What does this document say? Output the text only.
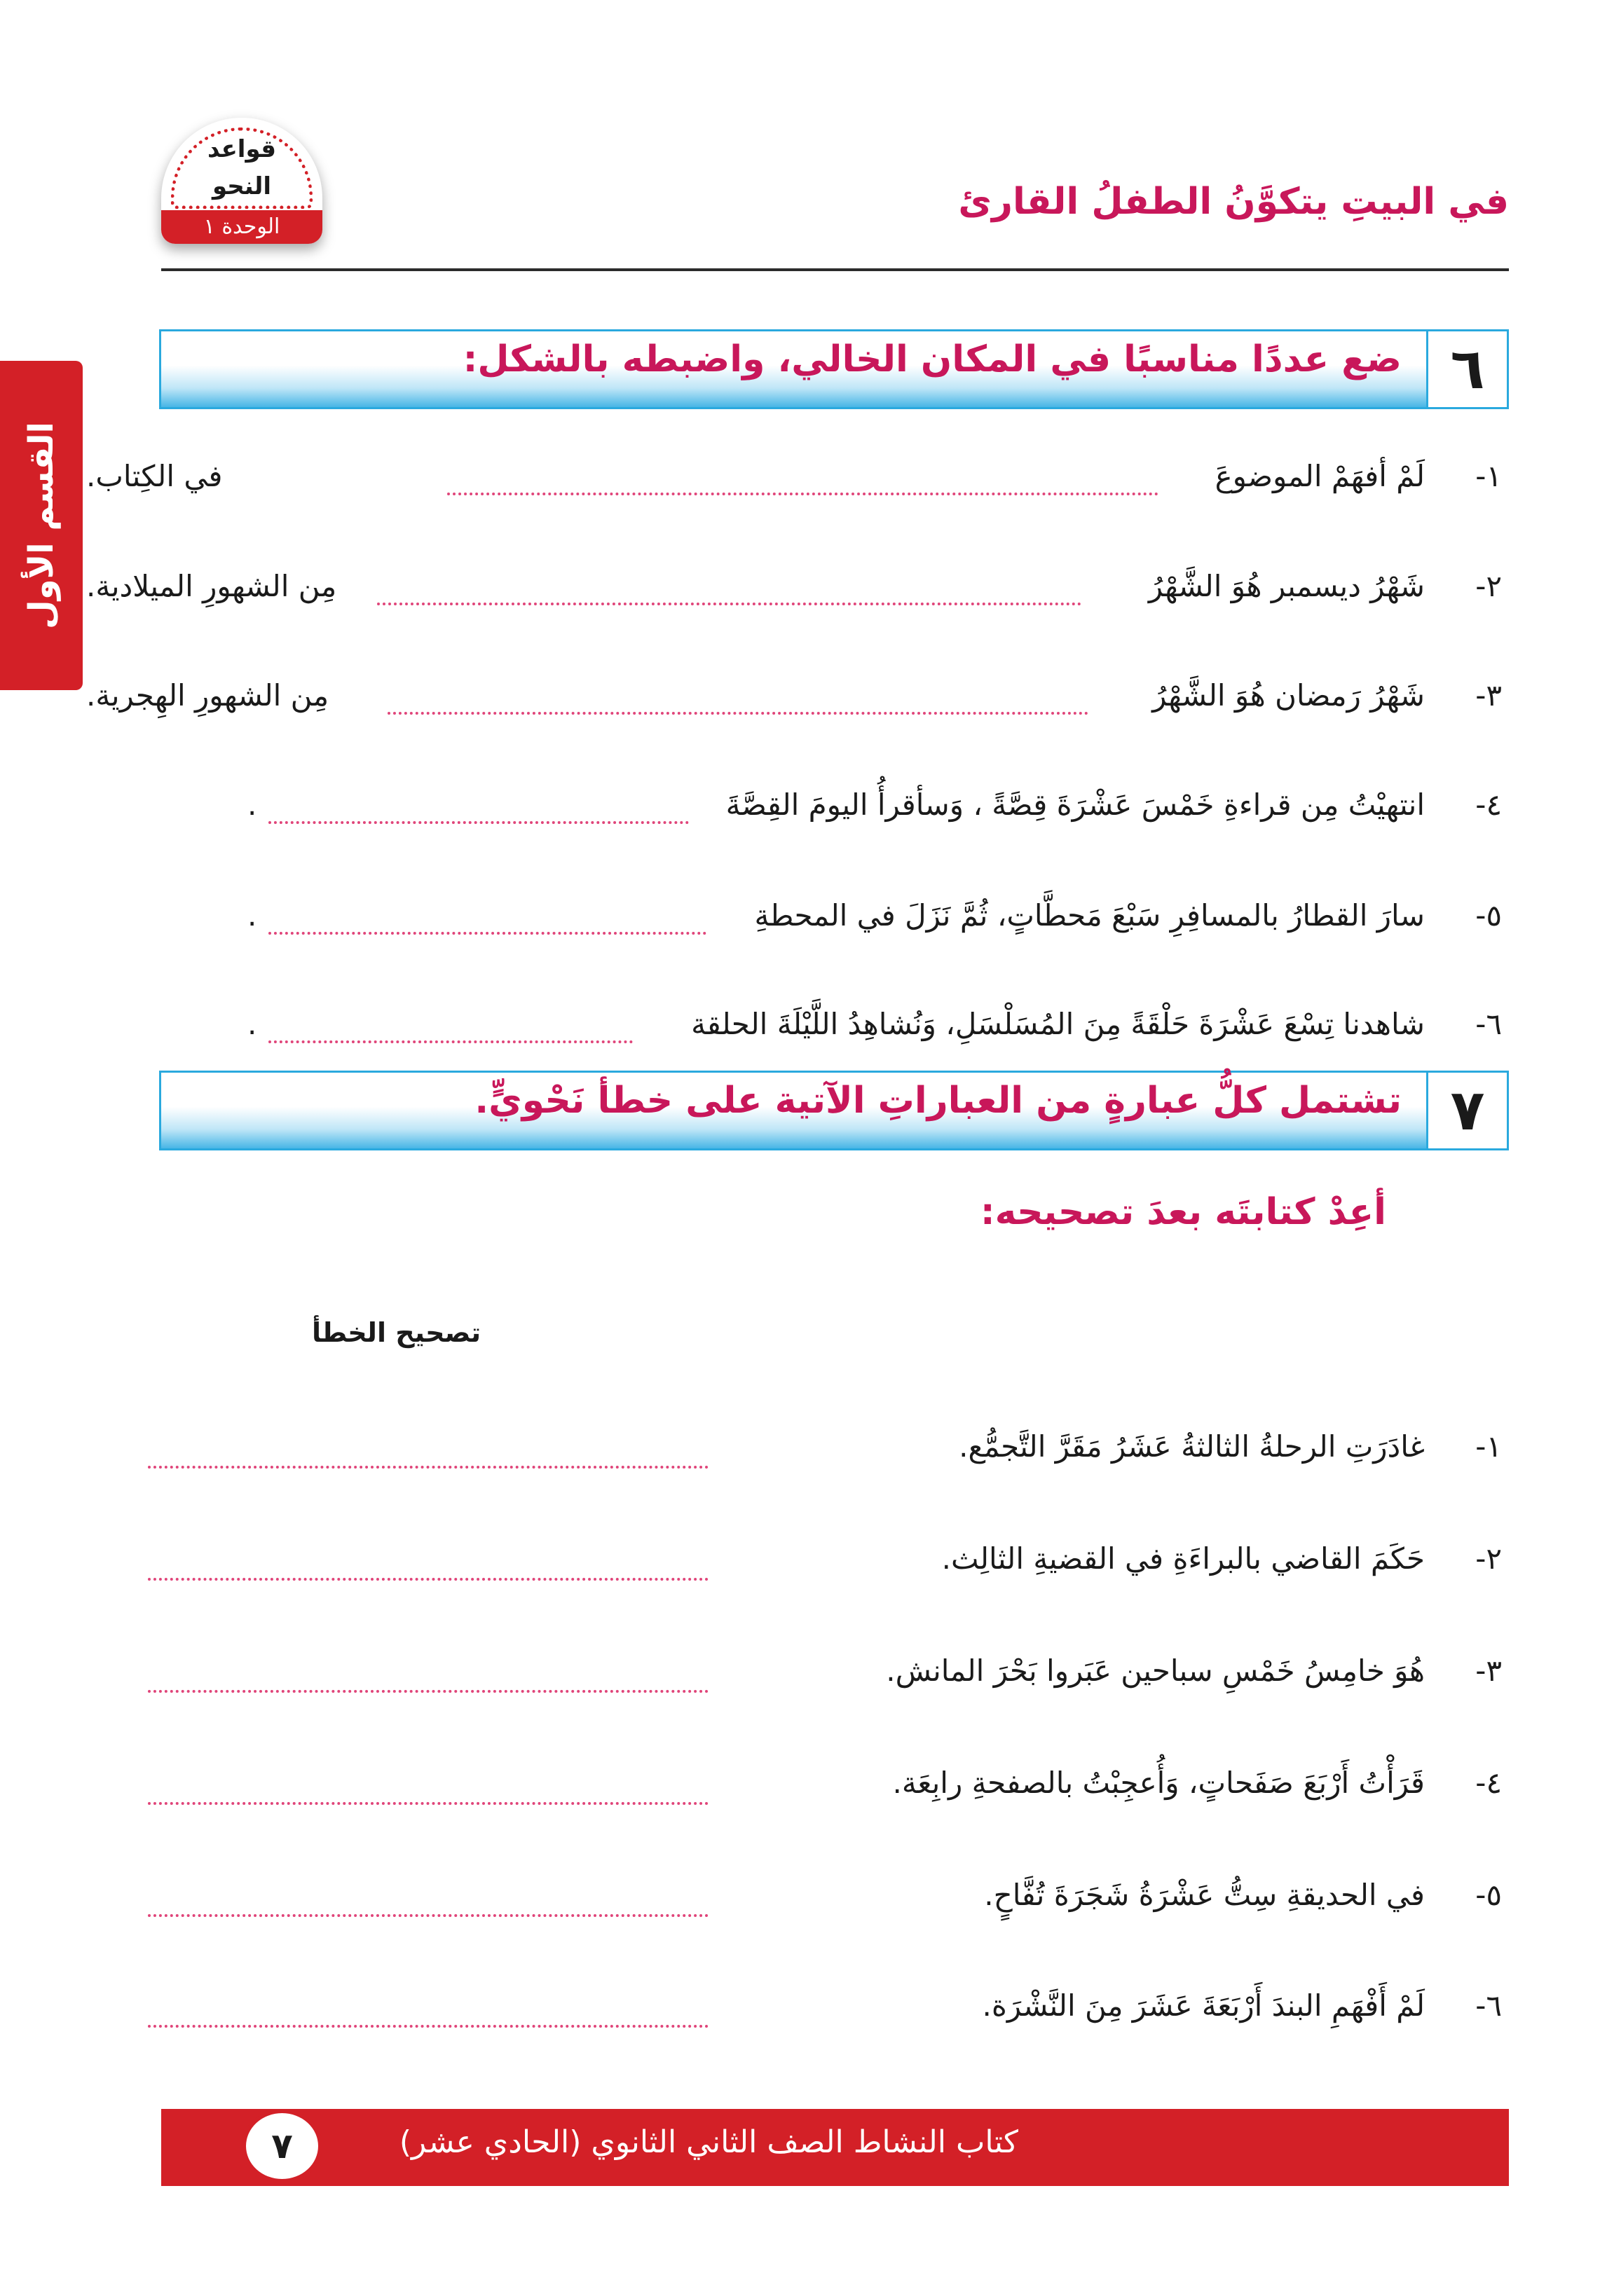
القسم الأول
في البيتِ يتكوَّنُ الطفلُ القارئ
قواعد
النحو
الوحدة ١
٦
ضع عددًا مناسبًا في المكان الخالي، واضبطه بالشكل:
١-
لَمْ أفهَمْ الموضوعَ
في الكِتاب.
٢-
شَهْرُ ديسمبر هُوَ الشَّهْرُ
مِن الشهورِ الميلادية.
٣-
شَهْرُ رَمضان هُوَ الشَّهْرُ
مِن الشهورِ الهِجرية.
٤-
انتهيْتُ مِن قراءةِ خَمْسَ عَشْرَةَ قِصَّةً ، وَسأقرأُ اليومَ القِصَّةَ
.
٥-
سارَ القطارُ بالمسافِرِ سَبْعَ مَحطَّاتٍ، ثُمَّ نَزَلَ في المحطةِ
.
٦-
شاهدنا تِسْعَ عَشْرَةَ حَلْقَةً مِنَ المُسَلْسَلِ، وَنُشاهِدُ اللَّيْلَةَ الحلقة
.
٧
تشتمل كلُّ عبارةٍ من العباراتِ الآتية على خطأ نَحْويٍّ.
أعِدْ كتابتَه بعدَ تصحيحه:
تصحيح الخطأ
١-
غادَرَتِ الرحلةُ الثالثةُ عَشَرُ مَقَرَّ التَّجمُّع.
٢-
حَكَمَ القاضي بالبراءَةِ في القضيةِ الثالِث.
٣-
هُوَ خامِسُ خَمْسِ سباحين عَبَروا بَحْرَ المانش.
٤-
قَرَأْتُ أَرْبَعَ صَفَحاتٍ، وَأُعجِبْتُ بالصفحةِ رابِعَة.
٥-
في الحديقةِ سِتُّ عَشْرَةُ شَجَرَةَ تُفَّاحٍ.
٦-
لَمْ أَفْهَمِ البندَ أَرْبَعَةَ عَشَرَ مِنَ النَّشْرَة.
كتاب النشاط الصف الثاني الثانوي (الحادي عشر)
٧
